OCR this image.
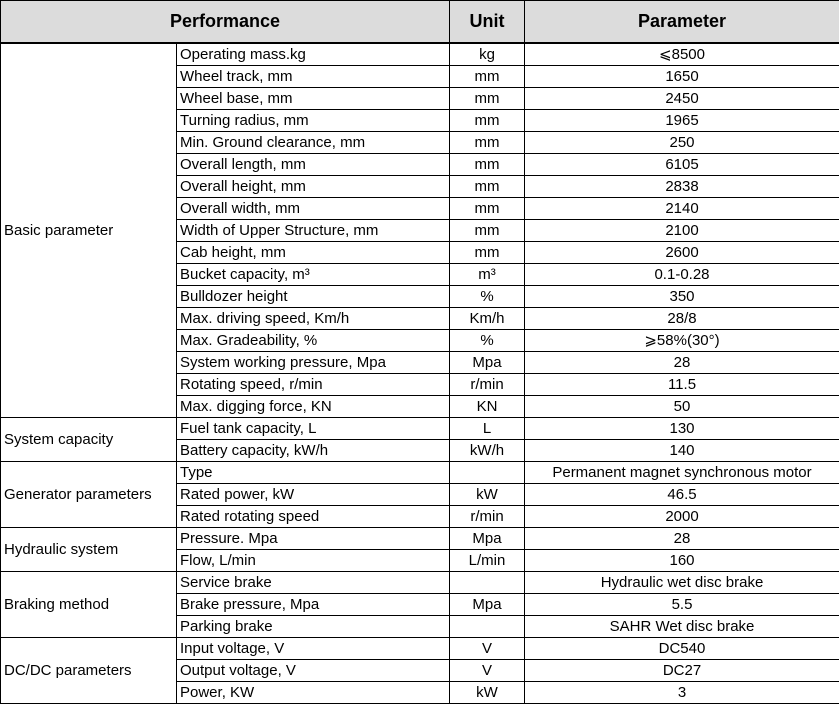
Performance		Unit	Parameter
Basic parameter	Operating mass.kg	kg	⩽8500
	Wheel track, mm	mm	1650
	Wheel base, mm	mm	2450
	Turning radius, mm	mm	1965
	Min. Ground clearance, mm	mm	250
	Overall length, mm	mm	6105
	Overall height, mm	mm	2838
	Overall width, mm	mm	2140
	Width of Upper Structure, mm	mm	2100
	Cab height, mm	mm	2600
	Bucket capacity, m³	m³	0.1-0.28
	Bulldozer height	%	350
	Max. driving speed, Km/h	Km/h	28/8
	Max. Gradeability, %	%	⩾58%(30°)
	System working pressure, Mpa	Mpa	28
	Rotating speed, r/min	r/min	11.5
	Max. digging force, KN	KN	50
System capacity	Fuel tank capacity, L	L	130
	Battery capacity, kW/h	kW/h	140
Generator parameters	Type		Permanent magnet synchronous motor
	Rated power, kW	kW	46.5
	Rated rotating speed	r/min	2000
Hydraulic system	Pressure. Mpa	Mpa	28
	Flow, L/min	L/min	160
Braking method	Service brake		Hydraulic wet disc brake
	Brake pressure, Mpa	Mpa	5.5
	Parking brake		SAHR Wet disc brake
DC/DC parameters	Input voltage, V	V	DC540
	Output voltage, V	V	DC27
	Power, KW	kW	3
